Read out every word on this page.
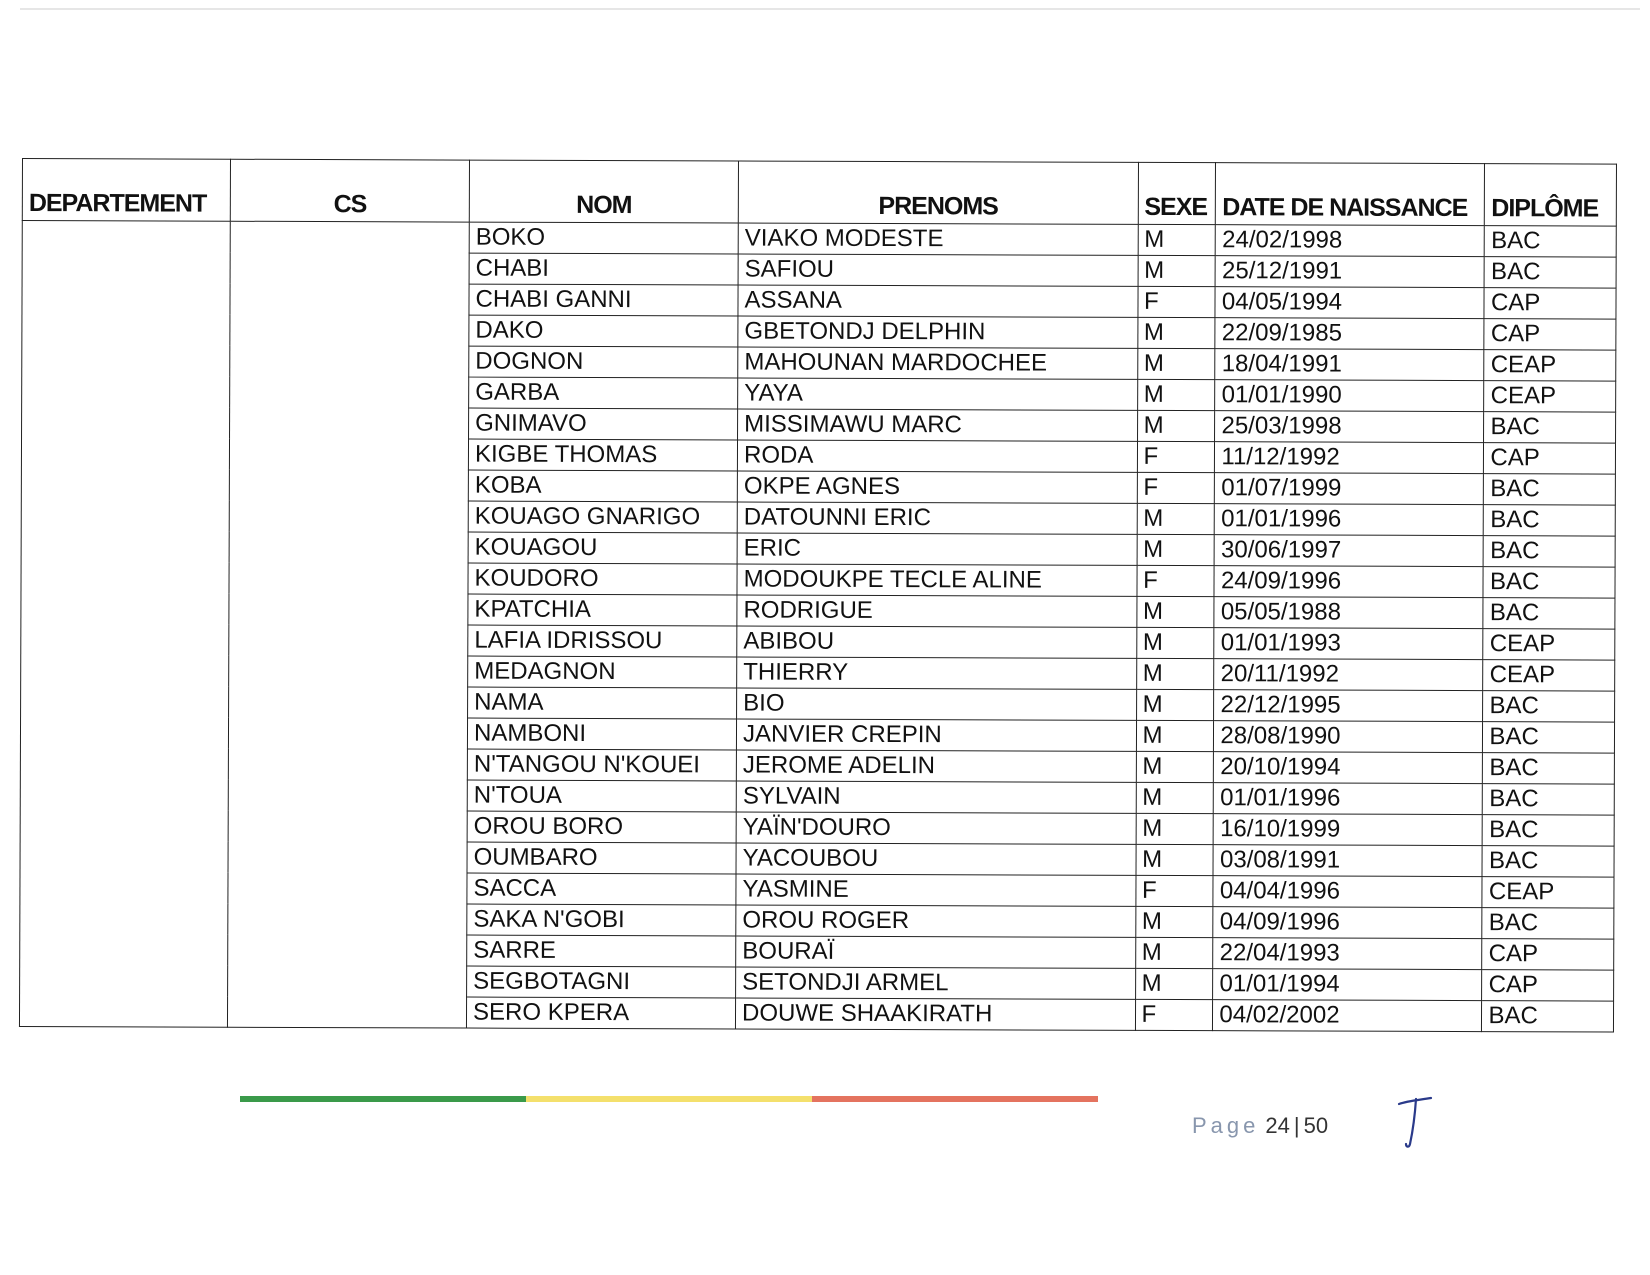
DEPARTEMENT	CS	NOM	PRENOMS	SEXE	DATE DE NAISSANCE	DIPLÔME
		BOKO	VIAKO MODESTE	M	24/02/1998	BAC
		CHABI	SAFIOU	M	25/12/1991	BAC
		CHABI GANNI	ASSANA	F	04/05/1994	CAP
		DAKO	GBETONDJ DELPHIN	M	22/09/1985	CAP
		DOGNON	MAHOUNAN MARDOCHEE	M	18/04/1991	CEAP
		GARBA	YAYA	M	01/01/1990	CEAP
		GNIMAVO	MISSIMAWU MARC	M	25/03/1998	BAC
		KIGBE THOMAS	RODA	F	11/12/1992	CAP
		KOBA	OKPE AGNES	F	01/07/1999	BAC
		KOUAGO GNARIGO	DATOUNNI ERIC	M	01/01/1996	BAC
		KOUAGOU	ERIC	M	30/06/1997	BAC
		KOUDORO	MODOUKPE TECLE ALINE	F	24/09/1996	BAC
		KPATCHIA	RODRIGUE	M	05/05/1988	BAC
		LAFIA IDRISSOU	ABIBOU	M	01/01/1993	CEAP
		MEDAGNON	THIERRY	M	20/11/1992	CEAP
		NAMA	BIO	M	22/12/1995	BAC
		NAMBONI	JANVIER CREPIN	M	28/08/1990	BAC
		N'TANGOU N'KOUEI	JEROME ADELIN	M	20/10/1994	BAC
		N'TOUA	SYLVAIN	M	01/01/1996	BAC
		OROU BORO	YAÏN'DOURO	M	16/10/1999	BAC
		OUMBARO	YACOUBOU	M	03/08/1991	BAC
		SACCA	YASMINE	F	04/04/1996	CEAP
		SAKA N'GOBI	OROU ROGER	M	04/09/1996	BAC
		SARRE	BOURAÏ	M	22/04/1993	CAP
		SEGBOTAGNI	SETONDJI ARMEL	M	01/01/1994	CAP
		SERO KPERA	DOUWE SHAAKIRATH	F	04/02/2002	BAC
Page 24 | 50
